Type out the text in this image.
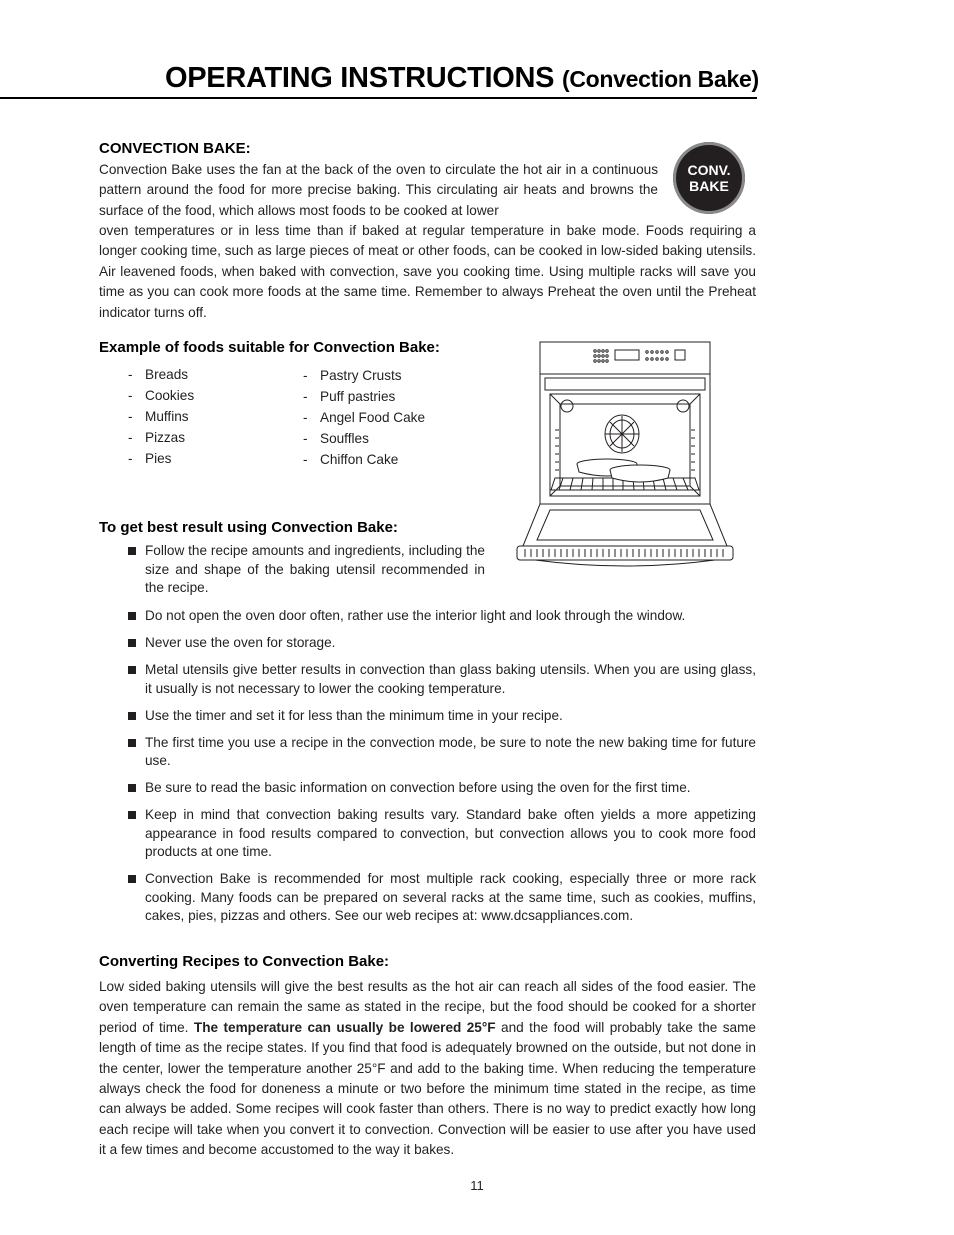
OPERATING INSTRUCTIONS (Convection Bake)
CONVECTION BAKE:

Convection Bake uses the fan at the back of the oven to circulate the hot air in a continuous pattern around the food for more precise baking. This circulating air heats and browns the surface of the food, which allows most foods to be cooked at lower

CONV.
BAKE

oven temperatures or in less time than if baked at regular temperature in bake mode. Foods requiring a longer cooking time, such as large pieces of meat or other foods, can be cooked in low-sided baking utensils. Air leavened foods, when baked with convection, save you cooking time. Using multiple racks will save you time as you can cook more foods at the same time. Remember to always Preheat the oven until the Preheat indicator turns off.

Example of foods suitable for Convection Bake:
- Breads
- Cookies
- Muffins
- Pizzas
- Pies
- Pastry Crusts
- Puff pastries
- Angel Food Cake
- Souffles
- Chiffon Cake
To get best result using Convection Bake:
Follow the recipe amounts and ingredients, including the size and shape of the baking utensil recommended in the recipe.
Do not open the oven door often, rather use the interior light and look through the window.
Never use the oven for storage.
Metal utensils give better results in convection than glass baking utensils. When you are using glass, it usually is not necessary to lower the cooking temperature.
Use the timer and set it for less than the minimum time in your recipe.
The first time you use a recipe in the convection mode, be sure to note the new baking time for future use.
Be sure to read the basic information on convection before using the oven for the first time.
Keep in mind that convection baking results vary. Standard bake often yields a more appetizing appearance in food results compared to convection, but convection allows you to cook more food products at one time.
Convection Bake is recommended for most multiple rack cooking, especially three or more rack cooking. Many foods can be prepared on several racks at the same time, such as cookies, muffins, cakes, pies, pizzas and others. See our web recipes at: www.dcsappliances.com.
Converting Recipes to Convection Bake:

Low sided baking utensils will give the best results as the hot air can reach all sides of the food easier. The oven temperature can remain the same as stated in the recipe, but the food should be cooked for a shorter period of time. The temperature can usually be lowered 25°F and the food will probably take the same length of time as the recipe states. If you find that food is adequately browned on the outside, but not done in the center, lower the temperature another 25°F and add to the baking time. When reducing the temperature always check the food for doneness a minute or two before the minimum time stated in the recipe, as time can always be added. Some recipes will cook faster than others. There is no way to predict exactly how long each recipe will take when you convert it to convection. Convection will be easier to use after you have used it a few times and become accustomed to the way it bakes.

11
